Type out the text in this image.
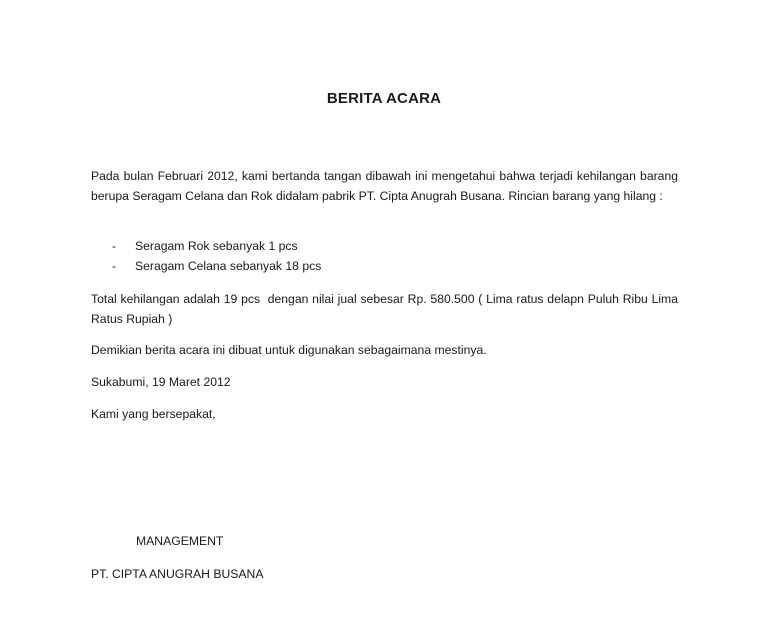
BERITA ACARA
Pada bulan Februari 2012, kami bertanda tangan dibawah ini mengetahui bahwa terjadi kehilangan barang berupa Seragam Celana dan Rok didalam pabrik PT. Cipta Anugrah Busana. Rincian barang yang hilang :
- Seragam Rok sebanyak 1 pcs
- Seragam Celana sebanyak 18 pcs
Total kehilangan adalah 19 pcs  dengan nilai jual sebesar Rp. 580.500 ( Lima ratus delapn Puluh Ribu Lima Ratus Rupiah )
Demikian berita acara ini dibuat untuk digunakan sebagaimana mestinya.
Sukabumi, 19 Maret 2012
Kami yang bersepakat,
MANAGEMENT
PT. CIPTA ANUGRAH BUSANA
